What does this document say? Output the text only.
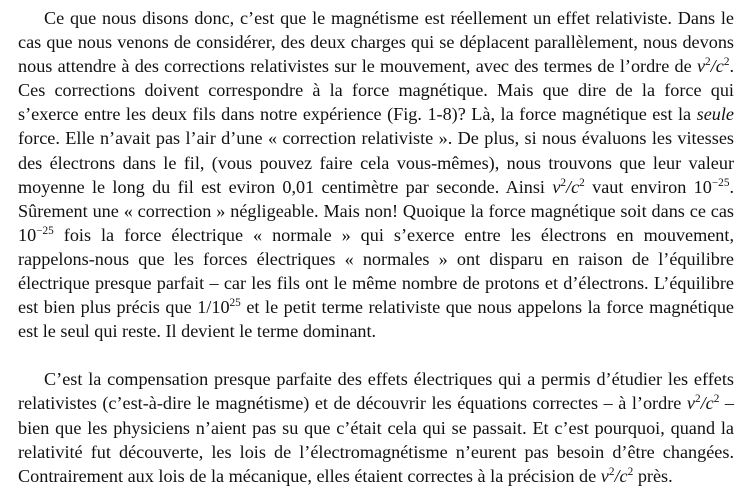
Ce que nous disons donc, c’est que le magnétisme est réellement un effet relativiste. Dans le cas que nous venons de considérer, des deux charges qui se déplacent parallèlement, nous devons nous attendre à des corrections relativistes sur le mouvement, avec des termes de l’ordre de $v^2/c^2$. Ces corrections doivent correspondre à la force magnétique. Mais que dire de la force qui s’exerce entre les deux fils dans notre expérience (Fig. 1-8)? Là, la force magnétique est la seule force. Elle n’avait pas l’air d’une « correction relativiste ». De plus, si nous évaluons les vitesses des électrons dans le fil, (vous pouvez faire cela vous-mêmes), nous trouvons que leur valeur moyenne le long du fil est eviron 0,01 centimètre par seconde. Ainsi $v^2/c^2$ vaut environ $10^{-25}$. Sûrement une « correction » négligeable. Mais non! Quoique la force magnétique soit dans ce cas $10^{-25}$ fois la force électrique « normale » qui s’exerce entre les électrons en mouvement, rappelons-nous que les forces électriques « normales » ont disparu en raison de l’équilibre électrique presque parfait – car les fils ont le même nombre de protons et d’électrons. L’équilibre est bien plus précis que $1/10^{25}$ et le petit terme relativiste que nous appelons la force magnétique est le seul qui reste. Il devient le terme dominant.

C’est la compensation presque parfaite des effets électriques qui a permis d’étudier les effets relativistes (c’est-à-dire le magnétisme) et de découvrir les équations correctes – à l’ordre $v^2/c^2$ – bien que les physiciens n’aient pas su que c’était cela qui se passait. Et c’est pourquoi, quand la relativité fut découverte, les lois de l’électromagnétisme n’eurent pas besoin d’être changées. Contrairement aux lois de la mécanique, elles étaient correctes à la précision de $v^2/c^2$ près.
